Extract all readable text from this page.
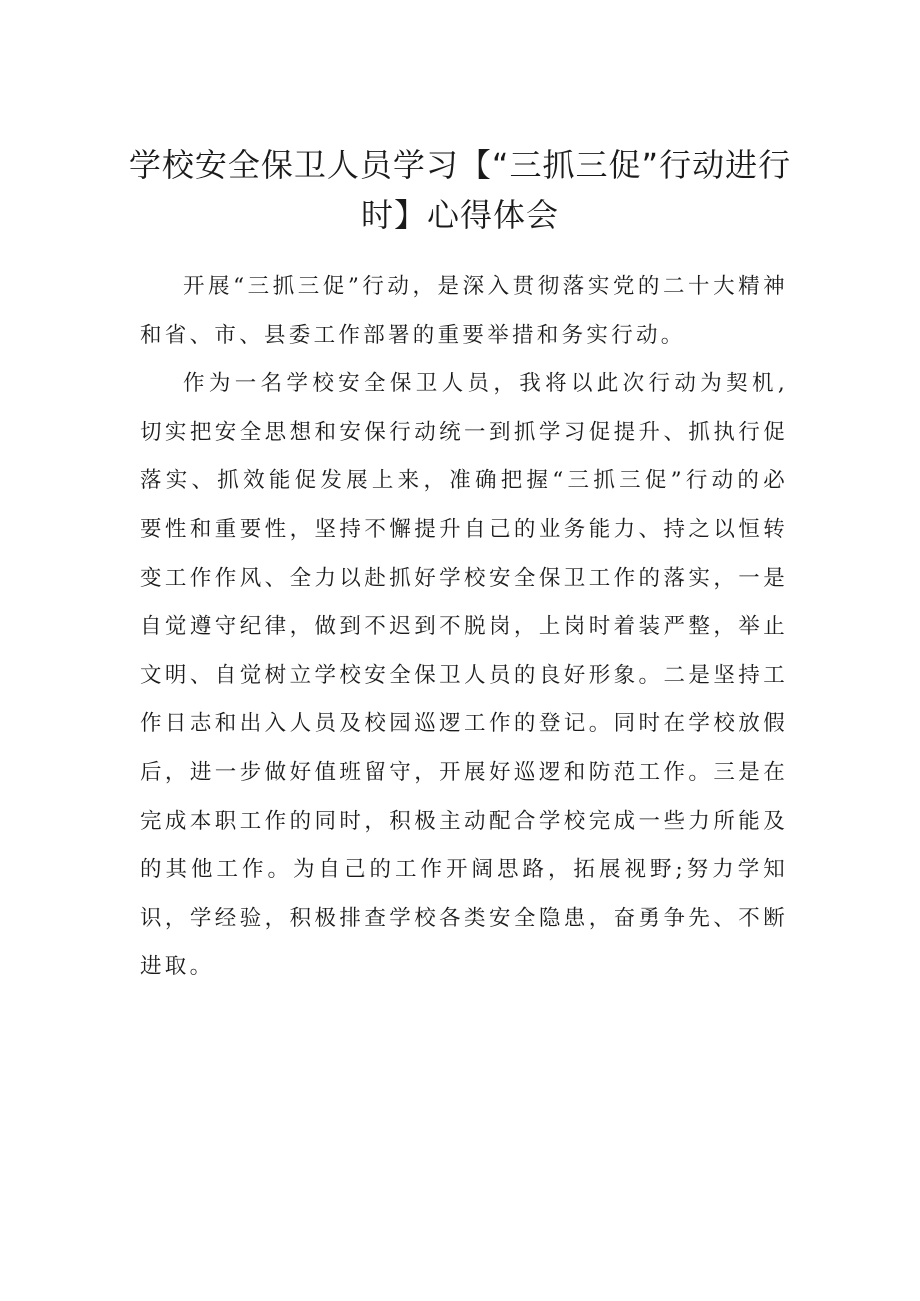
学校安全保卫人员学习【“三抓三促”行动进行时】心得体会

开展“三抓三促”行动，是深入贯彻落实党的二十大精神和省、市、县委工作部署的重要举措和务实行动。

作为一名学校安全保卫人员，我将以此次行动为契机,切实把安全思想和安保行动统一到抓学习促提升、抓执行促落实、抓效能促发展上来，准确把握“三抓三促”行动的必要性和重要性，坚持不懈提升自己的业务能力、持之以恒转变工作作风、全力以赴抓好学校安全保卫工作的落实，一是自觉遵守纪律，做到不迟到不脱岗，上岗时着装严整，举止文明、自觉树立学校安全保卫人员的良好形象。二是坚持工作日志和出入人员及校园巡逻工作的登记。同时在学校放假后，进一步做好值班留守，开展好巡逻和防范工作。三是在完成本职工作的同时，积极主动配合学校完成一些力所能及的其他工作。为自己的工作开阔思路，拓展视野;努力学知识，学经验，积极排查学校各类安全隐患，奋勇争先、不断进取。
